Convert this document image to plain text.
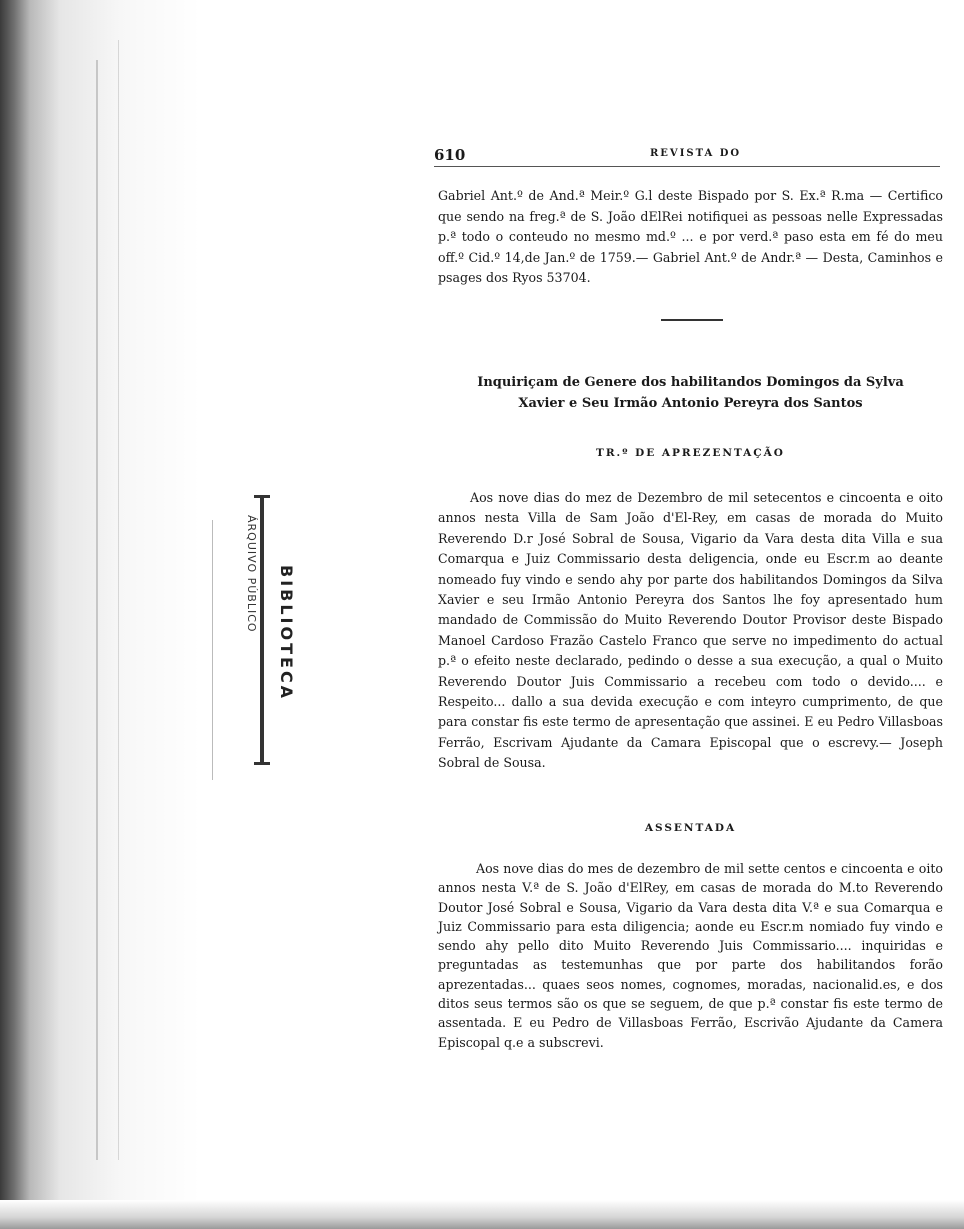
ÁRQUIVO PÚBLICO	BIBLIOTECA
610	REVISTA DO

Gabriel Ant.º de And.ª Meir.º G.l deste Bispado por S. Ex.ª R.ma — Certifico que sendo na freg.ª de S. João dElRei notifiquei as pessoas nelle Expressadas p.ª todo o conteudo no mesmo md.º ... e por verd.ª paso esta em fé do meu off.º Cid.º 14,de Jan.º de 1759.— Gabriel Ant.º de Andr.ª — Desta, Caminhos e psages dos Ryos 53704.

Inquiriçam de Genere dos habilitandos Domingos da Sylva
Xavier e Seu Irmão Antonio Pereyra dos Santos
TR.º DE APREZENTAÇÃO

Aos nove dias do mez de Dezembro de mil setecentos e cincoenta e oito annos nesta Villa de Sam João d'El-Rey, em casas de morada do Muito Reverendo D.r José Sobral de Sousa, Vigario da Vara desta dita Villa e sua Comarqua e Juiz Commissario desta deligencia, onde eu Escr.m ao deante nomeado fuy vindo e sendo ahy por parte dos habilitandos Domingos da Silva Xavier e seu Irmão Antonio Pereyra dos Santos lhe foy apresentado hum mandado de Commissão do Muito Reverendo Doutor Provisor deste Bispado Manoel Cardoso Frazão Castelo Franco que serve no impedimento do actual p.ª o efeito neste declarado, pedindo o desse a sua execução, a qual o Muito Reverendo Doutor Juis Commissario a recebeu com todo o devido.... e Respeito... dallo a sua devida execução e com inteyro cumprimento, de que para constar fis este termo de apresentação que assinei. E eu Pedro Villasboas Ferrão, Escrivam Ajudante da Camara Episcopal que o escrevy.— Joseph Sobral de Sousa.

ASSENTADA

Aos nove dias do mes de dezembro de mil sette centos e cincoenta e oito annos nesta V.ª de S. João d'ElRey, em casas de morada do M.to Reverendo Doutor José Sobral e Sousa, Vigario da Vara desta dita V.ª e sua Comarqua e Juiz Commissario para esta diligencia; aonde eu Escr.m nomiado fuy vindo e sendo ahy pello dito Muito Reverendo Juis Commissario.... inquiridas e preguntadas as testemunhas que por parte dos habilitandos forão aprezentadas... quaes seos nomes, cognomes, moradas, nacionalid.es, e dos ditos seus termos são os que se seguem, de que p.ª constar fis este termo de assentada. E eu Pedro de Villasboas Ferrão, Escrivão Ajudante da Camera Episcopal q.e a subscrevi.
